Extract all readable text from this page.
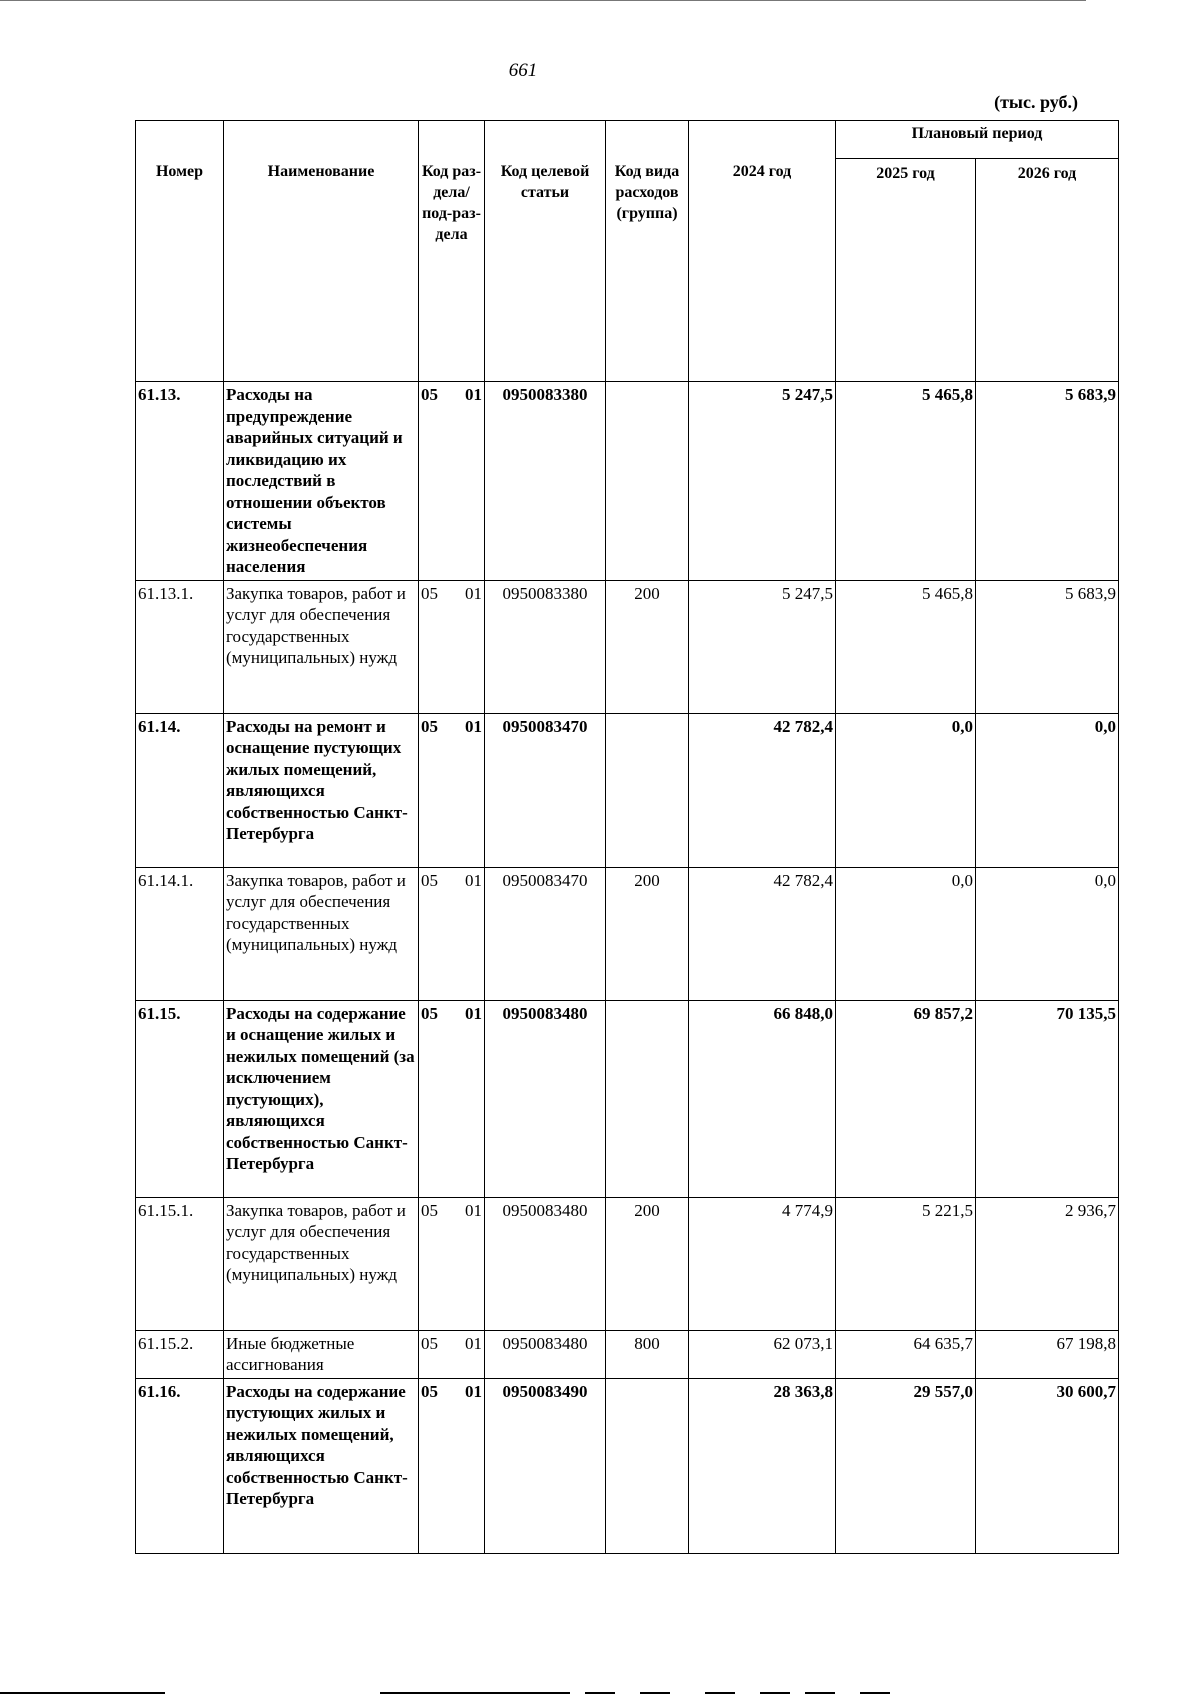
661
(тыс. руб.)
Номер	Наименование	Код раз-дела/ под-раз-дела	Код целевой статьи	Код вида расходов (группа)	2024 год	Плановый период	
						2025 год	2026 год
61.13.	Расходы на предупреждение аварийных ситуаций и ликвидацию их последствий в отношении объектов системы жизнеобеспечения населения	05 01	0950083380		5 247,5	5 465,8	5 683,9
61.13.1.	Закупка товаров, работ и услуг для обеспечения государственных (муниципальных) нужд	05 01	0950083380	200	5 247,5	5 465,8	5 683,9
61.14.	Расходы на ремонт и оснащение пустующих жилых помещений, являющихся собственностью Санкт-Петербурга	05 01	0950083470		42 782,4	0,0	0,0
61.14.1.	Закупка товаров, работ и услуг для обеспечения государственных (муниципальных) нужд	05 01	0950083470	200	42 782,4	0,0	0,0
61.15.	Расходы на содержание и оснащение жилых и нежилых помещений (за исключением пустующих), являющихся собственностью Санкт-Петербурга	05 01	0950083480		66 848,0	69 857,2	70 135,5
61.15.1.	Закупка товаров, работ и услуг для обеспечения государственных (муниципальных) нужд	05 01	0950083480	200	4 774,9	5 221,5	2 936,7
61.15.2.	Иные бюджетные ассигнования	05 01	0950083480	800	62 073,1	64 635,7	67 198,8
61.16.	Расходы на содержание пустующих жилых и нежилых помещений, являющихся собственностью Санкт-Петербурга	05 01	0950083490		28 363,8	29 557,0	30 600,7
